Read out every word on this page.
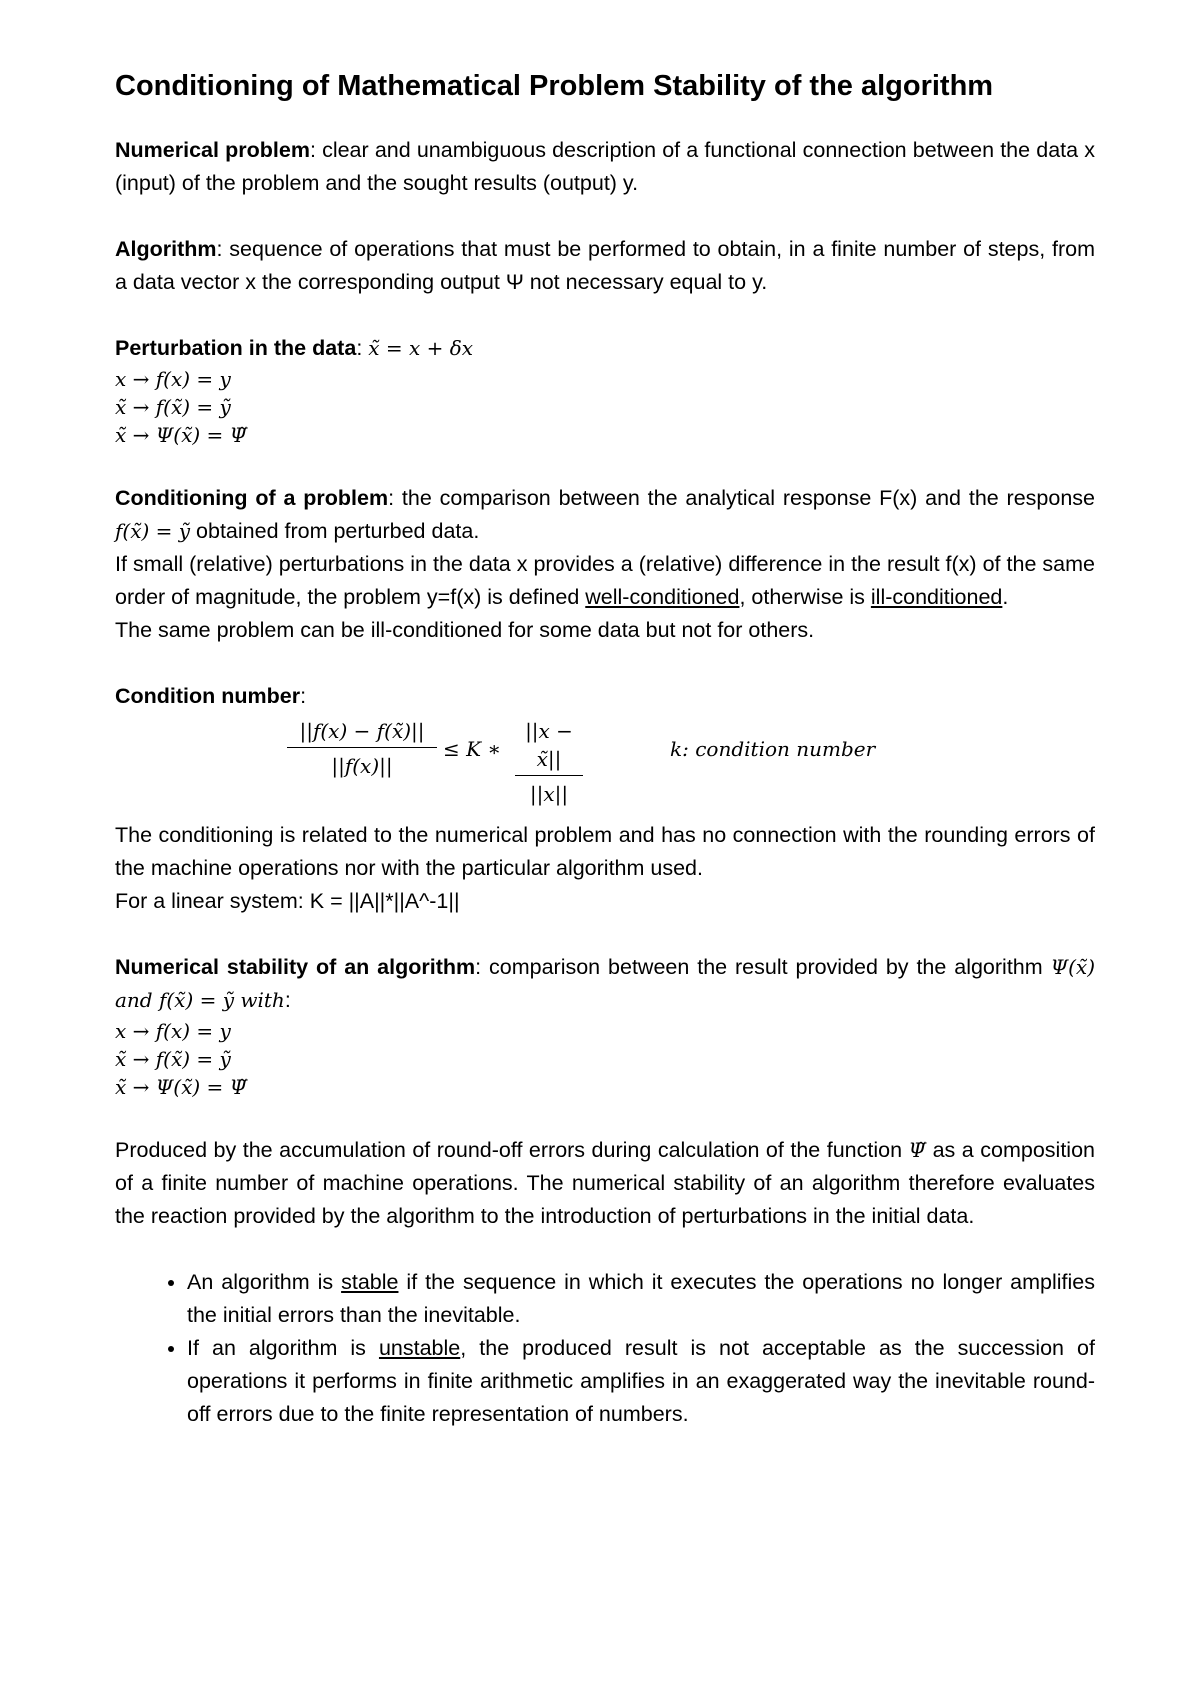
Conditioning of Mathematical Problem Stability of the algorithm

Numerical problem: clear and unambiguous description of a functional connection between the data x (input) of the problem and the sought results (output) y.

Algorithm: sequence of operations that must be performed to obtain, in a finite number of steps, from a data vector x the corresponding output Ψ not necessary equal to y.

Perturbation in the data: x̃ = x + δx

x → f(x) = y

x̃ → f(x̃) = ỹ

x̃ → Ψ(x̃) = Ψ̃

Conditioning of a problem: the comparison between the analytical response F(x) and the response f(x̃) = ỹ obtained from perturbed data.

If small (relative) perturbations in the data x provides a (relative) difference in the result f(x) of the same order of magnitude, the problem y=f(x) is defined well-conditioned, otherwise is ill-conditioned.

The same problem can be ill-conditioned for some data but not for others.

Condition number:

$\frac{||f(x) - f(x̃)||}{||f(x)||} \le K$ ∗ $\frac{||x - x̃||}{||x||}$	k: condition number

The conditioning is related to the numerical problem and has no connection with the rounding errors of the machine operations nor with the particular algorithm used.

For a linear system: K = ||A||*||A^-1||

Numerical stability of an algorithm: comparison between the result provided by the algorithm Ψ(x̃) and f(x̃) = ỹ with:

x → f(x) = y

x̃ → f(x̃) = ỹ

x̃ → Ψ(x̃) = Ψ̃

Produced by the accumulation of round-off errors during calculation of the function Ψ̃ as a composition of a finite number of machine operations. The numerical stability of an algorithm therefore evaluates the reaction provided by the algorithm to the introduction of perturbations in the initial data.

• An algorithm is stable if the sequence in which it executes the operations no longer amplifies the initial errors than the inevitable.
• If an algorithm is unstable, the produced result is not acceptable as the succession of operations it performs in finite arithmetic amplifies in an exaggerated way the inevitable round-off errors due to the finite representation of numbers.
